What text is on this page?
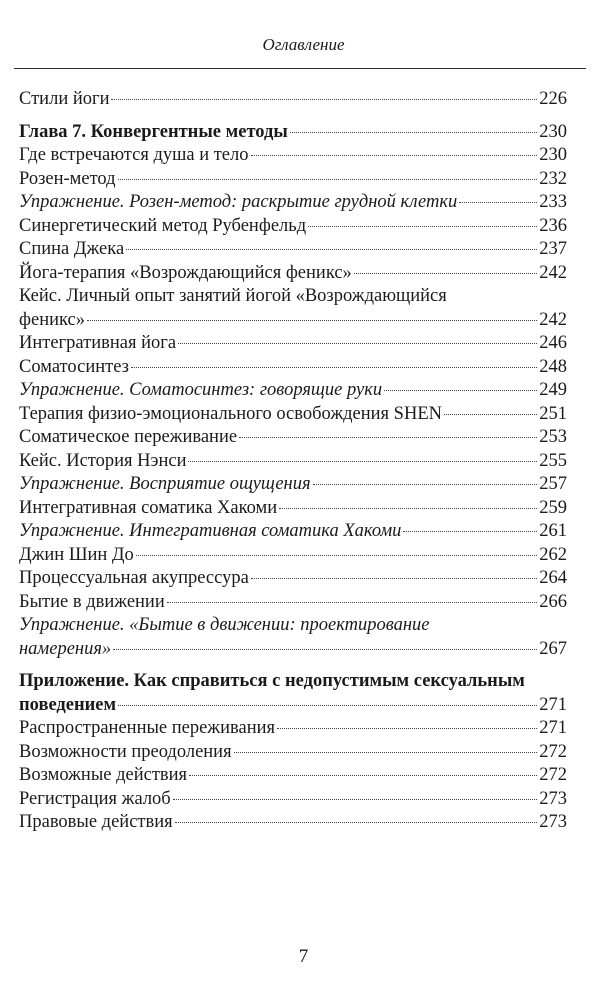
Оглавление
Стили йоги	226
Глава 7. Конвергентные методы	230
Где встречаются душа и тело	230
Розен-метод	232
Упражнение. Розен-метод: раскрытие грудной клетки	233
Синергетический метод Рубенфельд	236
Спина Джека	237
Йога-терапия «Возрождающийся феникс»	242
Кейс. Личный опыт занятий йогой «Возрождающийся
феникс»	242
Интегративная йога	246
Соматосинтез	248
Упражнение. Соматосинтез: говорящие руки	249
Терапия физио-эмоционального освобождения SHEN	251
Соматическое переживание	253
Кейс. История Нэнси	255
Упражнение. Восприятие ощущения	257
Интегративная соматика Хакоми	259
Упражнение. Интегративная соматика Хакоми	261
Джин Шин До	262
Процессуальная акупрессура	264
Бытие в движении	266
Упражнение. «Бытие в движении: проектирование
намерения»	267
Приложение. Как справиться с недопустимым сексуальным
поведением	271
Распространенные переживания	271
Возможности преодоления	272
Возможные действия	272
Регистрация жалоб	273
Правовые действия	273
7
